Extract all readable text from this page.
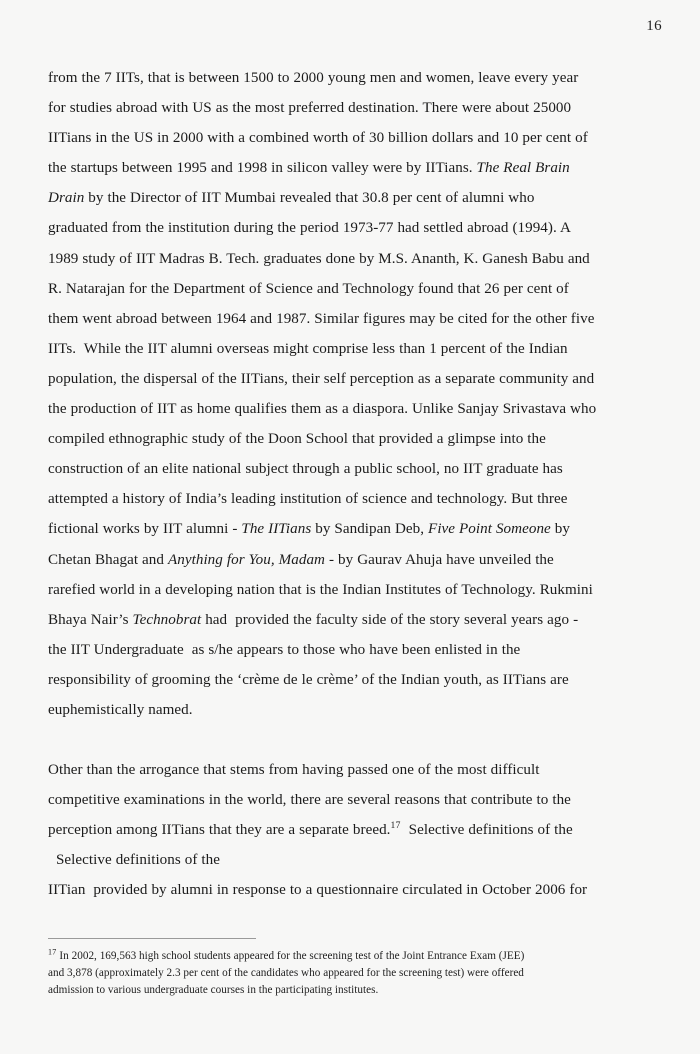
16

from the 7 IITs, that is between 1500 to 2000 young men and women, leave every year
for studies abroad with US as the most preferred destination. There were about 25000
IITians in the US in 2000 with a combined worth of 30 billion dollars and 10 per cent of
the startups between 1995 and 1998 in silicon valley were by IITians. The Real Brain
Drain by the Director of IIT Mumbai revealed that 30.8 per cent of alumni who
graduated from the institution during the period 1973-77 had settled abroad (1994). A
1989 study of IIT Madras B. Tech. graduates done by M.S. Ananth, K. Ganesh Babu and
R. Natarajan for the Department of Science and Technology found that 26 per cent of
them went abroad between 1964 and 1987. Similar figures may be cited for the other five
IITs.  While the IIT alumni overseas might comprise less than 1 percent of the Indian
population, the dispersal of the IITians, their self perception as a separate community and
the production of IIT as home qualifies them as a diaspora. Unlike Sanjay Srivastava who
compiled ethnographic study of the Doon School that provided a glimpse into the
construction of an elite national subject through a public school, no IIT graduate has
attempted a history of India’s leading institution of science and technology. But three
fictional works by IIT alumni - The IITians by Sandipan Deb, Five Point Someone by
Chetan Bhagat and Anything for You, Madam - by Gaurav Ahuja have unveiled the
rarefied world in a developing nation that is the Indian Institutes of Technology. Rukmini
Bhaya Nair’s Technobrat had  provided the faculty side of the story several years ago -
the IIT Undergraduate  as s/he appears to those who have been enlisted in the
responsibility of grooming the ‘crème de le crème’ of the Indian youth, as IITians are
euphemistically named.

Other than the arrogance that stems from having passed one of the most difficult
competitive examinations in the world, there are several reasons that contribute to the
perception among IITians that they are a separate breed.$^{17}$  Selective definitions of the
Selective definitions of the
IITian  provided by alumni in response to a questionnaire circulated in October 2006 for

$^{17}$ In 2002, 169,563 high school students appeared for the screening test of the Joint Entrance Exam (JEE)
and 3,878 (approximately 2.3 per cent of the candidates who appeared for the screening test) were offered
admission to various undergraduate courses in the participating institutes.
